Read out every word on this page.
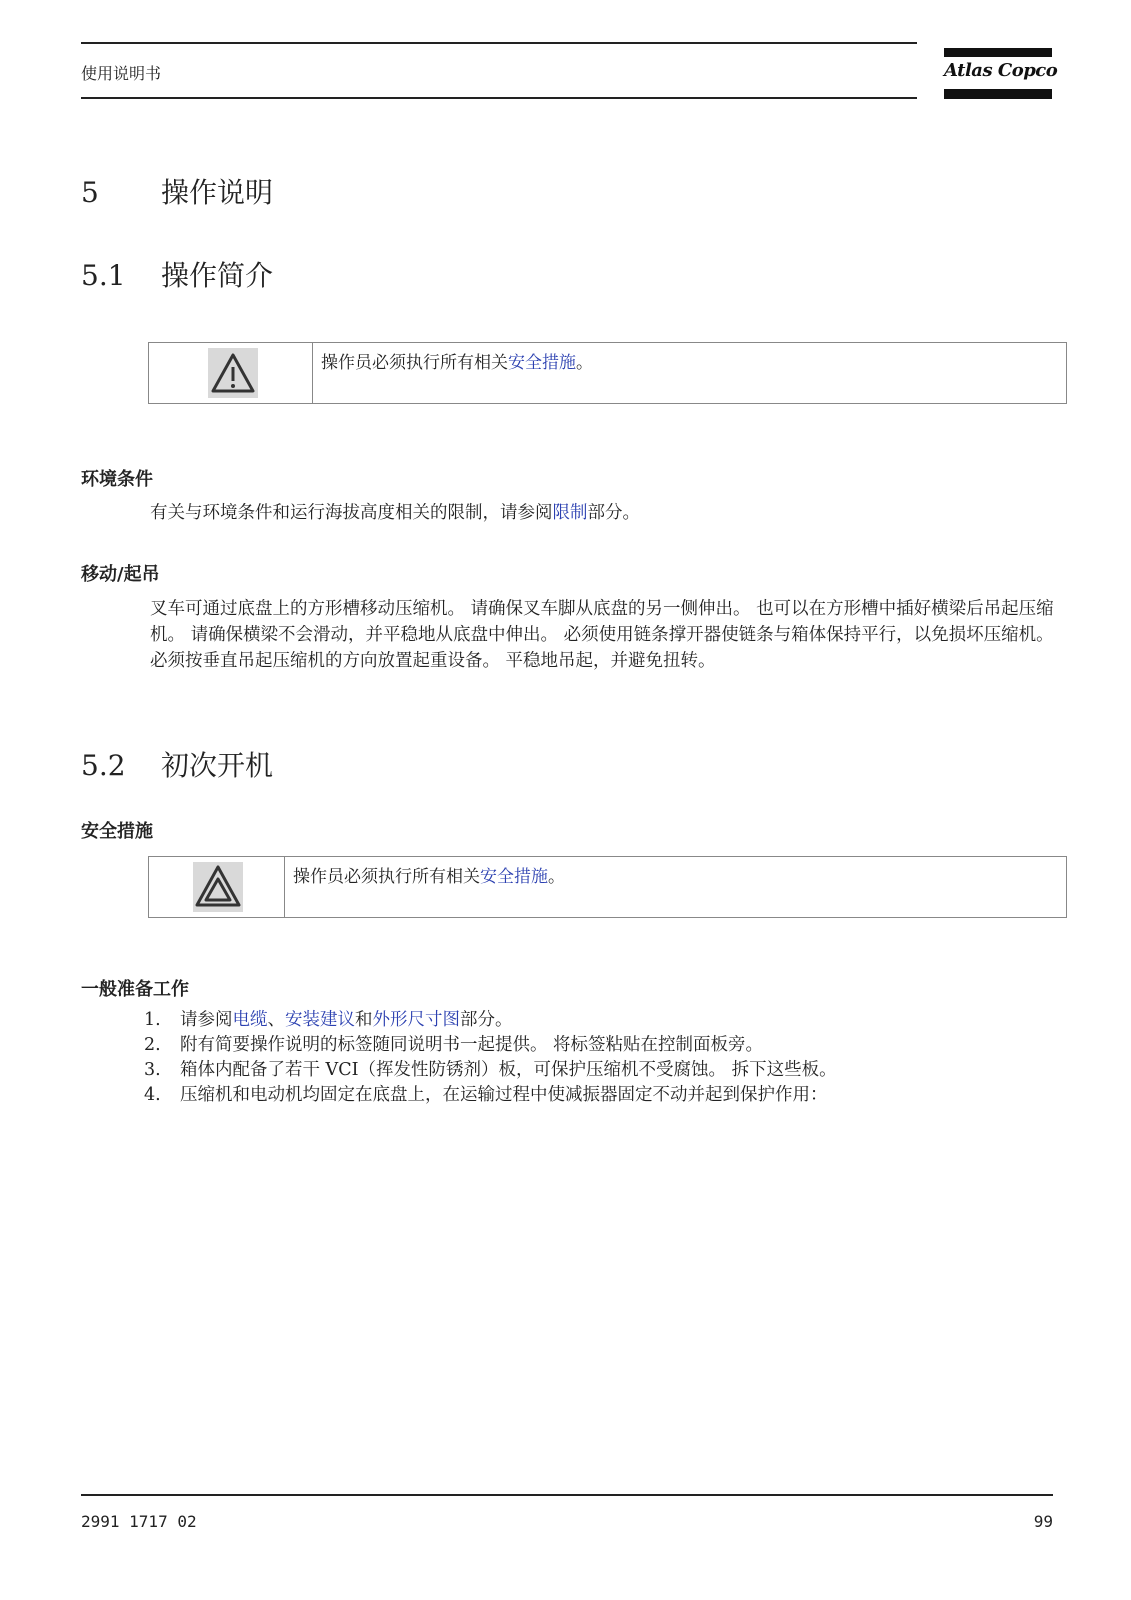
使用说明书	Atlas Copco
5 操作说明
5.1 操作简介
操作员必须执行所有相关安全措施。
环境条件
有关与环境条件和运行海拔高度相关的限制，请参阅限制部分。
移动/起吊
叉车可通过底盘上的方形槽移动压缩机。 请确保叉车脚从底盘的另一侧伸出。 也可以在方形槽中插好横梁后吊起压缩机。 请确保横梁不会滑动，并平稳地从底盘中伸出。 必须使用链条撑开器使链条与箱体保持平行，以免损坏压缩机。 必须按垂直吊起压缩机的方向放置起重设备。 平稳地吊起，并避免扭转。
5.2 初次开机
安全措施
操作员必须执行所有相关安全措施。
一般准备工作
1. 请参阅电缆、安装建议和外形尺寸图部分。
2. 附有简要操作说明的标签随同说明书一起提供。 将标签粘贴在控制面板旁。
3. 箱体内配备了若干 VCI（挥发性防锈剂）板，可保护压缩机不受腐蚀。 拆下这些板。
4. 压缩机和电动机均固定在底盘上，在运输过程中使减振器固定不动并起到保护作用：
2991 1717 02	99
